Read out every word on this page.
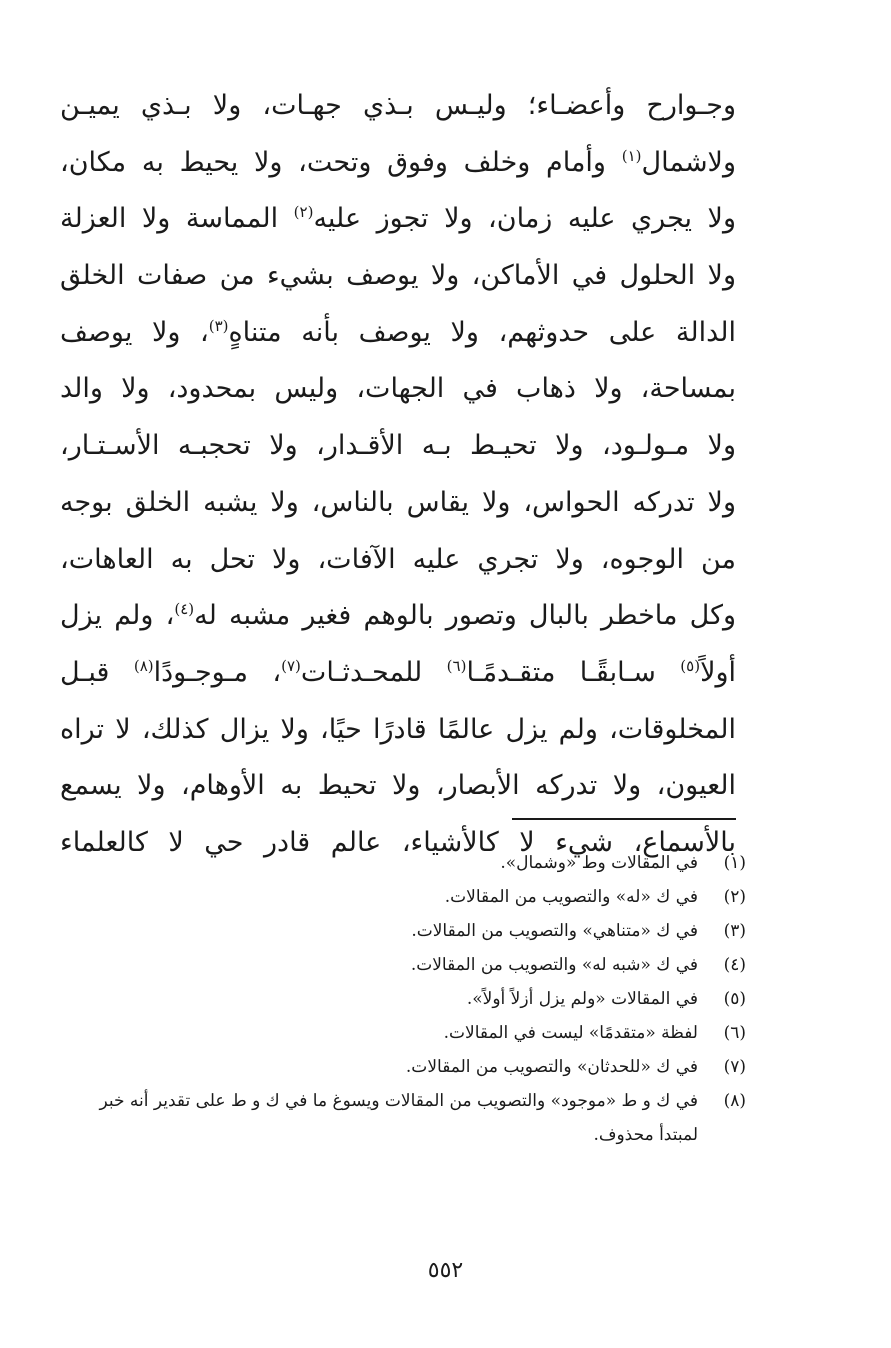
وجـوارح وأعضـاء؛ وليـس بـذي جهـات، ولا بـذي يميـن
ولاشمال$^{(١)}$ وأمام وخلف وفوق وتحت، ولا يحيط به مكان،
ولا يجري عليه زمان، ولا تجوز عليه$^{(٢)}$ المماسة ولا العزلة
ولا الحلول في الأماكن، ولا يوصف بشيء من صفات الخلق
الدالة على حدوثهم، ولا يوصف بأنه متناهٍ$^{(٣)}$، ولا يوصف
بمساحة، ولا ذهاب في الجهات، وليس بمحدود، ولا والد
ولا مـولـود، ولا تحيـط بـه الأقـدار، ولا تحجبـه الأسـتـار،
ولا تدركه الحواس، ولا يقاس بالناس، ولا يشبه الخلق بوجه
من الوجوه، ولا تجري عليه الآفات، ولا تحل به العاهات،
وكل ماخطر بالبال وتصور بالوهم فغير مشبه له$^{(٤)}$، ولم يزل
أولاً$^{(٥)}$ سـابقًـا متقـدمًـا$^{(٦)}$ للمحـدثـات$^{(٧)}$، مـوجـودًا$^{(٨)}$ قبـل
المخلوقات، ولم يزل عالمًا قادرًا حيًا، ولا يزال كذلك، لا تراه
العيون، ولا تدركه الأبصار، ولا تحيط به الأوهام، ولا يسمع
بالأسماع، شيء لا كالأشياء، عالم قادر حي لا كالعلماء
(١)
في المقالات وط «وشمال».
(٢)
في ك «له» والتصويب من المقالات.
(٣)
في ك «متناهي» والتصويب من المقالات.
(٤)
في ك «شبه له» والتصويب من المقالات.
(٥)
في المقالات «ولم يزل أزلاً أولاً».
(٦)
لفظة «متقدمًا» ليست في المقالات.
(٧)
في ك «للحدثان» والتصويب من المقالات.
(٨)
في ك و ط «موجود» والتصويب من المقالات ويسوغ ما في ك و ط على تقدير أنه خبر لمبتدأ محذوف.
٥٥٢
